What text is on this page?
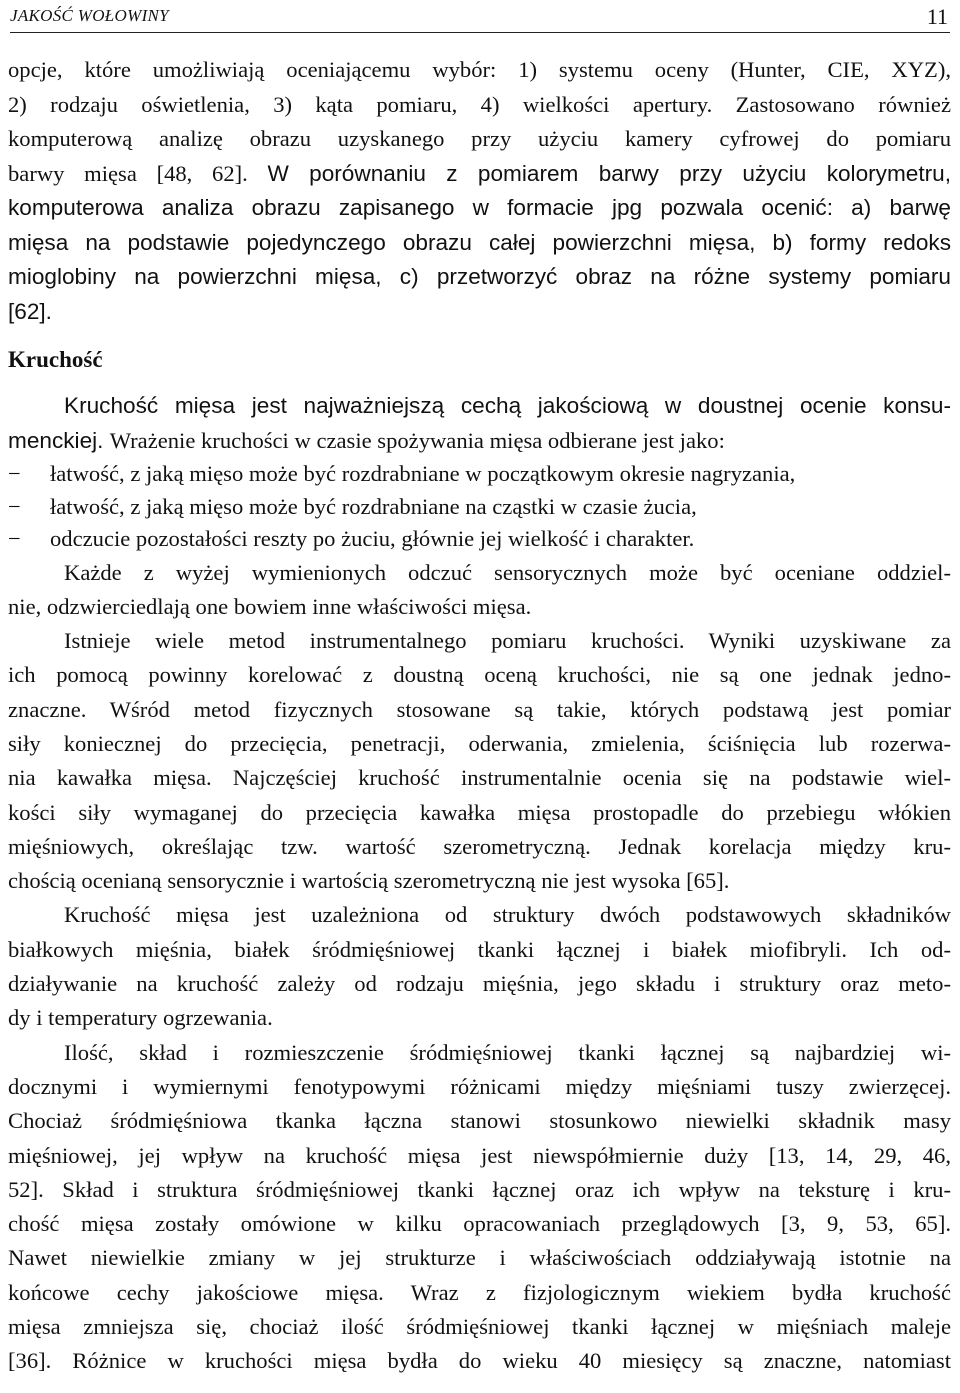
JAKOŚĆ WOŁOWINY	11

opcje, które umożliwiają oceniającemu wybór: 1) systemu oceny (Hunter, CIE, XYZ),
2) rodzaju oświetlenia, 3) kąta pomiaru, 4) wielkości apertury. Zastosowano również
komputerową analizę obrazu uzyskanego przy użyciu kamery cyfrowej do pomiaru
barwy mięsa [48, 62]. W porównaniu z pomiarem barwy przy użyciu kolorymetru,
komputerowa analiza obrazu zapisanego w formacie jpg pozwala ocenić: a) barwę
mięsa na podstawie pojedynczego obrazu całej powierzchni mięsa, b) formy redoks
mioglobiny na powierzchni mięsa, c) przetworzyć obraz na różne systemy pomiaru
[62].

Kruchość

Kruchość mięsa jest najważniejszą cechą jakościową w doustnej ocenie konsu-
menckiej. Wrażenie kruchości w czasie spożywania mięsa odbierane jest jako:

− łatwość, z jaką mięso może być rozdrabniane w początkowym okresie nagryzania,
− łatwość, z jaką mięso może być rozdrabniane na cząstki w czasie żucia,
− odczucie pozostałości reszty po żuciu, głównie jej wielkość i charakter.

Każde z wyżej wymienionych odczuć sensorycznych może być oceniane oddziel-
nie, odzwierciedlają one bowiem inne właściwości mięsa.

Istnieje wiele metod instrumentalnego pomiaru kruchości. Wyniki uzyskiwane za
ich pomocą powinny korelować z doustną oceną kruchości, nie są one jednak jedno-
znaczne. Wśród metod fizycznych stosowane są takie, których podstawą jest pomiar
siły koniecznej do przecięcia, penetracji, oderwania, zmielenia, ściśnięcia lub rozerwa-
nia kawałka mięsa. Najczęściej kruchość instrumentalnie ocenia się na podstawie wiel-
kości siły wymaganej do przecięcia kawałka mięsa prostopadle do przebiegu włókien
mięśniowych, określając tzw. wartość szerometryczną. Jednak korelacja między kru-
chością ocenianą sensorycznie i wartością szerometryczną nie jest wysoka [65].

Kruchość mięsa jest uzależniona od struktury dwóch podstawowych składników
białkowych mięśnia, białek śródmięśniowej tkanki łącznej i białek miofibryli. Ich od-
działywanie na kruchość zależy od rodzaju mięśnia, jego składu i struktury oraz meto-
dy i temperatury ogrzewania.

Ilość, skład i rozmieszczenie śródmięśniowej tkanki łącznej są najbardziej wi-
docznymi i wymiernymi fenotypowymi różnicami między mięśniami tuszy zwierzęcej.
Chociaż śródmięśniowa tkanka łączna stanowi stosunkowo niewielki składnik masy
mięśniowej, jej wpływ na kruchość mięsa jest niewspółmiernie duży [13, 14, 29, 46,
52]. Skład i struktura śródmięśniowej tkanki łącznej oraz ich wpływ na teksturę i kru-
chość mięsa zostały omówione w kilku opracowaniach przeglądowych [3, 9, 53, 65].
Nawet niewielkie zmiany w jej strukturze i właściwościach oddziaływają istotnie na
końcowe cechy jakościowe mięsa. Wraz z fizjologicznym wiekiem bydła kruchość
mięsa zmniejsza się, chociaż ilość śródmięśniowej tkanki łącznej w mięśniach maleje
[36]. Różnice w kruchości mięsa bydła do wieku 40 miesięcy są znaczne, natomiast
